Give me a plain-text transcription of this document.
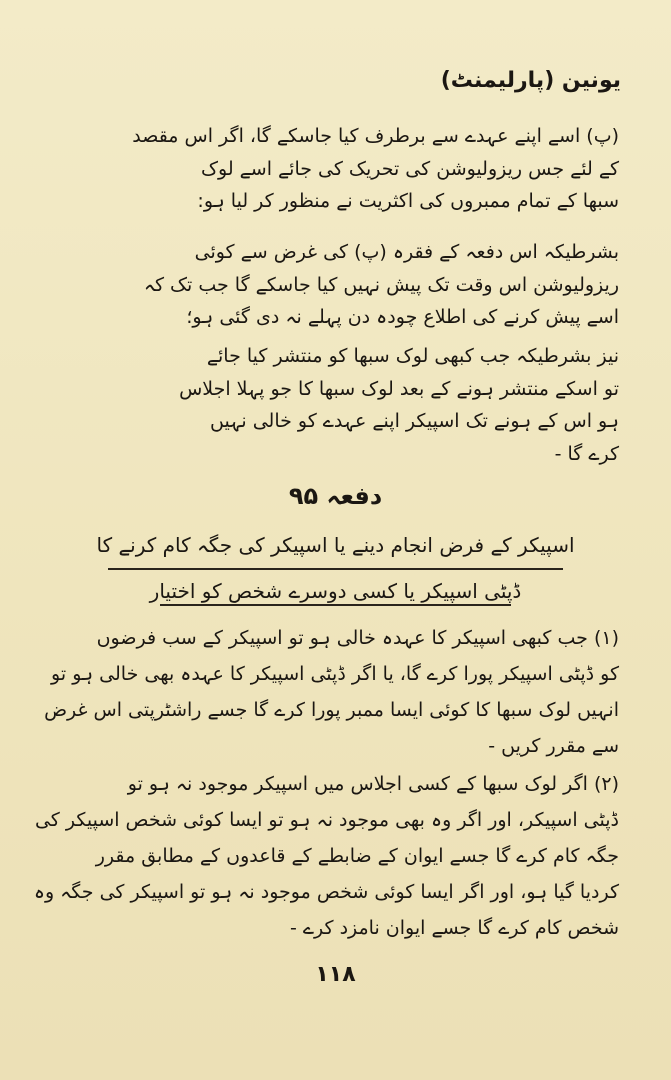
یونین (پارلیمنٹ)
(پ) اسے اپنے عہدے سے برطرف کیا جاسکے گا، اگر اس مقصد
کے لئے جس ریزولیوشن کی تحریک کی جائے اسے لوک
سبھا کے تمام ممبروں کی اکثریت نے منظور کر لیا ہو:
بشرطیکہ اس دفعہ کے فقرہ (پ) کی غرض سے کوئی
ریزولیوشن اس وقت تک پیش نہیں کیا جاسکے گا جب تک کہ
اسے پیش کرنے کی اطلاع چودہ دن پہلے نہ دی گئی ہو؛
نیز بشرطیکہ جب کبھی لوک سبھا کو منتشر کیا جائے
تو اسکے منتشر ہونے کے بعد لوک سبھا کا جو پہلا اجلاس
ہو اس کے ہونے تک اسپیکر اپنے عہدے کو خالی نہیں
کرے گا -
دفعہ ۹۵
اسپیکر کے فرض انجام دینے یا اسپیکر کی جگہ کام کرنے کا
ڈپٹی اسپیکر یا کسی دوسرے شخص کو اختیار
(۱) جب کبھی اسپیکر کا عہدہ خالی ہو تو اسپیکر کے سب فرضوں
کو ڈپٹی اسپیکر پورا کرے گا، یا اگر ڈپٹی اسپیکر کا عہدہ بھی خالی ہو تو
انہیں لوک سبھا کا کوئی ایسا ممبر پورا کرے گا جسے راشٹرپتی اس غرض
سے مقرر کریں -
(۲) اگر لوک سبھا کے کسی اجلاس میں اسپیکر موجود نہ ہو تو
ڈپٹی اسپیکر، اور اگر وہ بھی موجود نہ ہو تو ایسا کوئی شخص اسپیکر کی
جگہ کام کرے گا جسے ایوان کے ضابطے کے قاعدوں کے مطابق مقرر
کردیا گیا ہو، اور اگر ایسا کوئی شخص موجود نہ ہو تو اسپیکر کی جگہ وہ
شخص کام کرے گا جسے ایوان نامزد کرے -
۱۱۸
